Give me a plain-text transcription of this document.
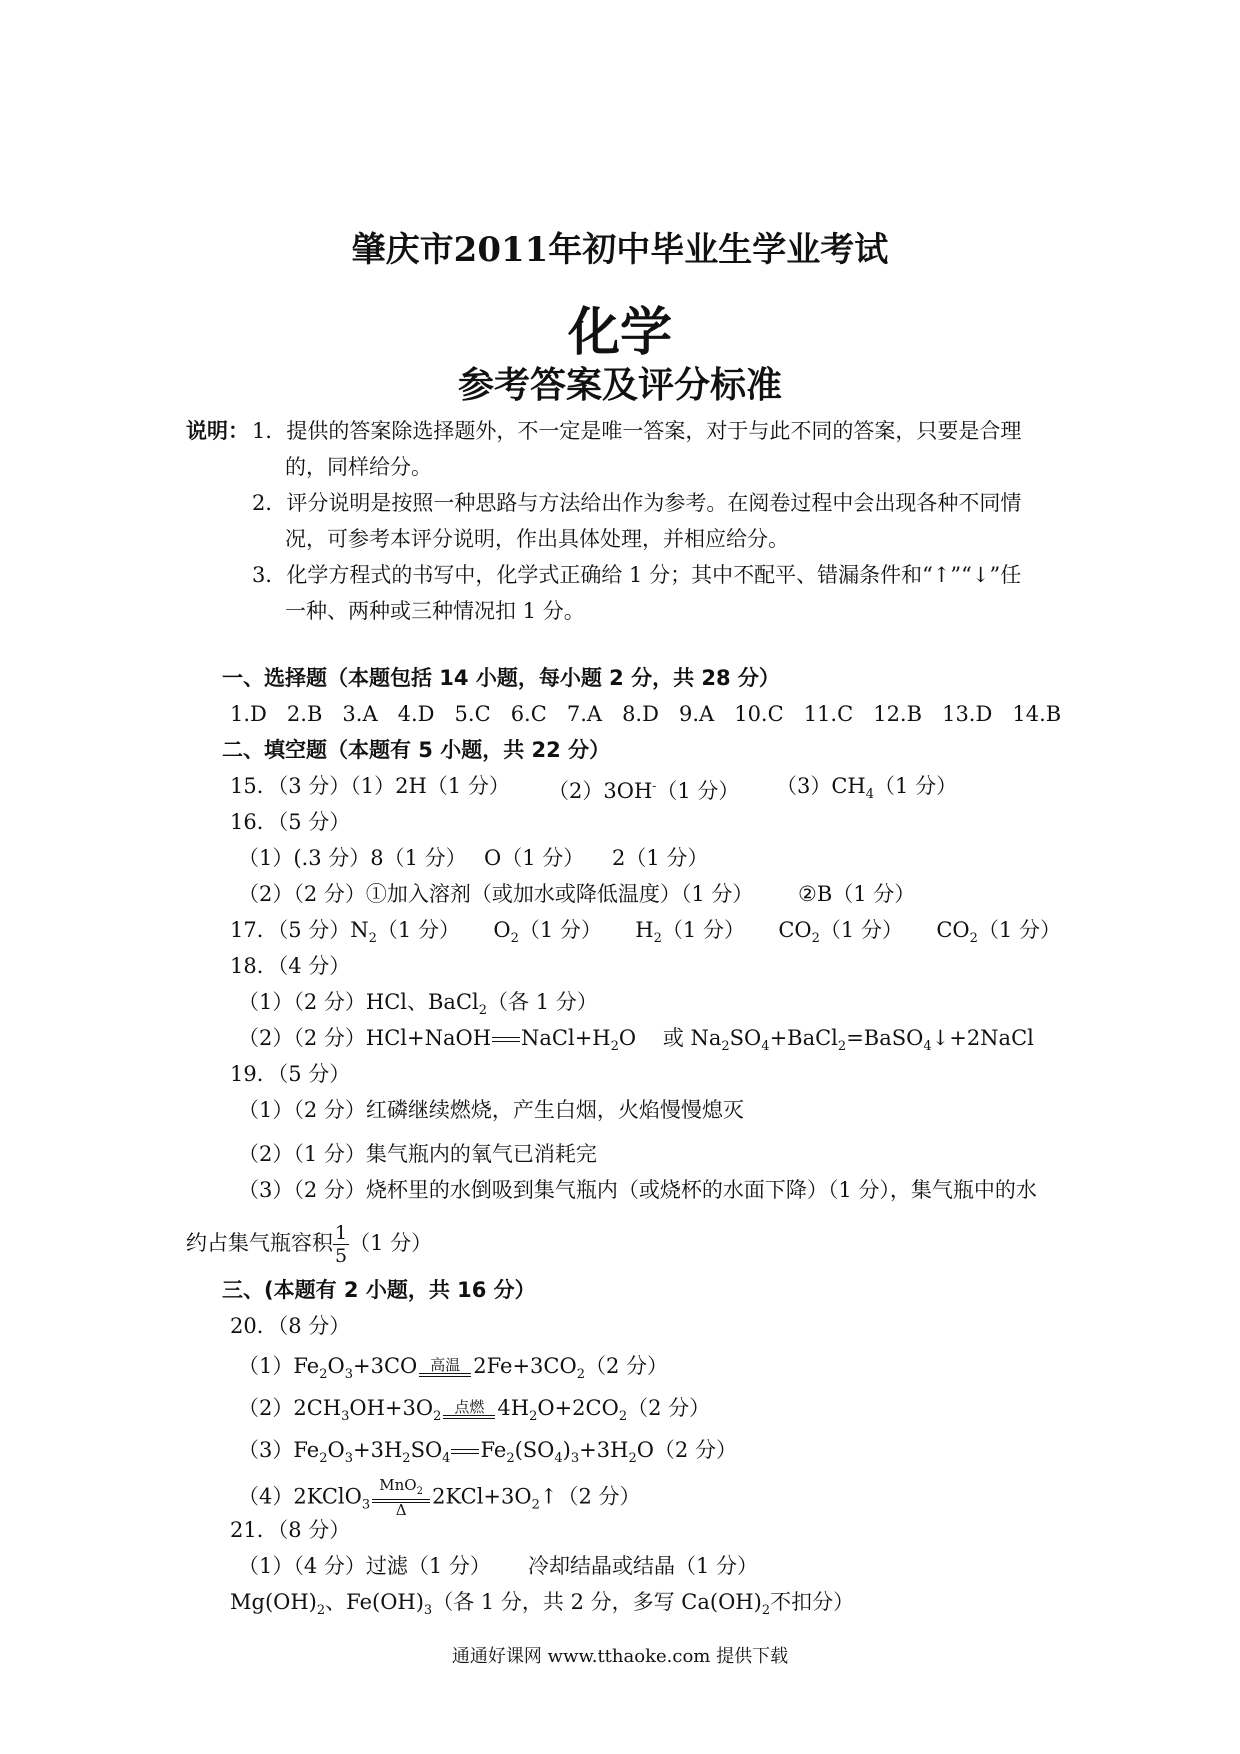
肇庆市2011年初中毕业生学业考试
化学
参考答案及评分标准
说明： 1．提供的答案除选择题外，不一定是唯一答案，对于与此不同的答案，只要是合理
的，同样给分。
2．评分说明是按照一种思路与方法给出作为参考。在阅卷过程中会出现各种不同情
况，可参考本评分说明，作出具体处理，并相应给分。
3．化学方程式的书写中，化学式正确给 1 分；其中不配平、错漏条件和“↑”“↓”任
一种、两种或三种情况扣 1 分。
一、选择题（本题包括 14 小题，每小题 2 分，共 28 分）
1.D 2.B 3.A 4.D 5.C 6.C 7.A 8.D 9.A 10.C 11.C 12.B 13.D 14.B
二、填空题（本题有 5 小题，共 22 分）
15．（3 分）（1）2H（1 分） （2）3OH-（1 分） $(3)CH_4(1$ 分）
16．（5 分）
（1）(.3 分）8（1 分） O（1 分） 2（1 分）
（2）（2 分）①加入溶剂（或加水或降低温度）（1 分） ②B（1 分）
17．（5 分）$N_2(1$ 分） $O_2(1$ 分） $H_2(1$ 分） $CO_2(1$ 分） $CO_2(1$ 分）
18．（4 分）
（1）（2 分）HCl、BaCl$_2$（各 1 分）
（2）（2 分）HCl+NaOH $NaCl+H_2O$ 或 $Na_2SO_4+BaCl_2=BaSO_4↓+2NaCl$
19．（5 分）
（1）（2 分）红磷继续燃烧，产生白烟，火焰慢慢熄灭
（2）（1 分）集气瓶内的氧气已消耗完
（3）（2 分）烧杯里的水倒吸到集气瓶内（或烧杯的水面下降）（1 分），集气瓶中的水
约占集气瓶容积 $\frac{1}{5} (1$ 分）
三、(本题有 2 小题，共 16 分）
20．（8 分）
$(1)Fe_2O_3+3CO$ 高温 $2Fe+3CO_2(2$ 分）
$(2)2CH_3OH+3O_2$
点燃 $4H_2O+2CO_2(2$ 分）
$(3)Fe_2O_3+3H_2SO_4$ $Fe_2(SO_4)_3+3H_2O(2$ 分）
（4）2KClO$_3$
MnO$_2$
Δ
$2KCl+3O_2↑(2$ 分）
21．（8 分）
（1）（4 分）过滤（1 分） 冷却结晶或结晶（1 分）
$Mg(OH)_2$、$Fe(OH)_3$（各 1 分，共 2 分，多写 $Ca(OH)_2$不扣分）
通通好课网 www.tthaoke.com 提供下载
